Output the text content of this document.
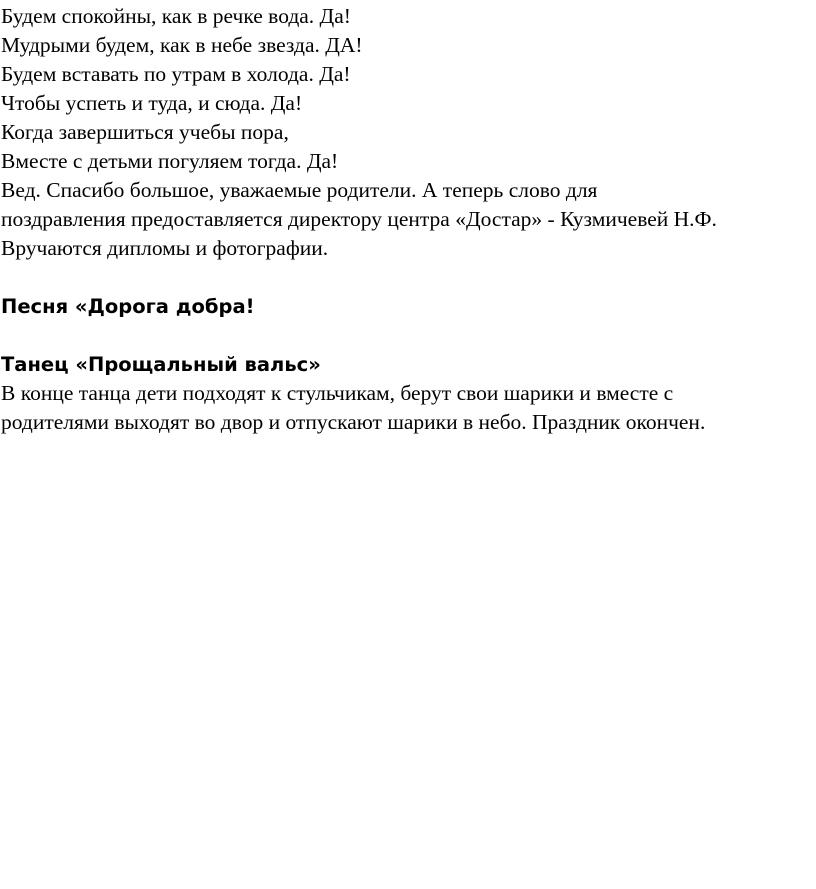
Будем спокойны, как в речке вода. Да!
Мудрыми будем, как в небе звезда. ДА!
Будем вставать по утрам в холода. Да!
Чтобы успеть и туда, и сюда. Да!
Когда завершиться учебы пора,
Вместе с детьми погуляем тогда. Да!
Вед. Спасибо большое, уважаемые родители. А теперь слово для
поздравления предоставляется директору центра «Достар» - Кузмичевей Н.Ф.
Вручаются дипломы и фотографии.
Песня «Дорога добра!
Танец «Прощальный вальс»
В конце танца дети подходят к стульчикам, берут свои шарики и вместе с
родителями выходят во двор и отпускают шарики в небо. Праздник окончен.
